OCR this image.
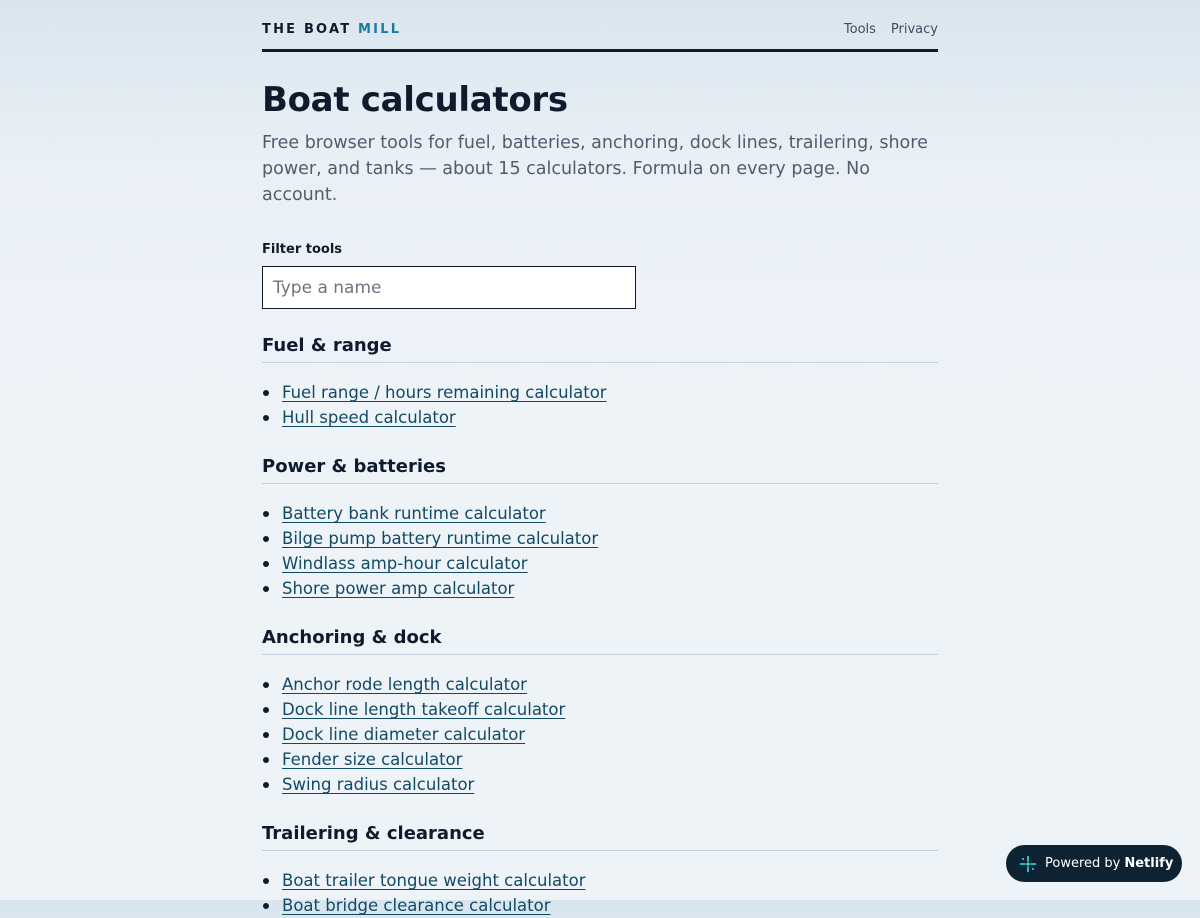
THE BOAT MILL	Tools Privacy
Boat calculators

Free browser tools for fuel, batteries, anchoring, dock lines, trailering, shore power, and tanks — about 15 calculators. Formula on every page. No account.

Filter tools
Type a name
Fuel & range
Fuel range / hours remaining calculator
Hull speed calculator
Power & batteries
Battery bank runtime calculator
Bilge pump battery runtime calculator
Windlass amp-hour calculator
Shore power amp calculator
Anchoring & dock
Anchor rode length calculator
Dock line length takeoff calculator
Dock line diameter calculator
Fender size calculator
Swing radius calculator
Trailering & clearance
Boat trailer tongue weight calculator
Boat bridge clearance calculator
Powered by Netlify
